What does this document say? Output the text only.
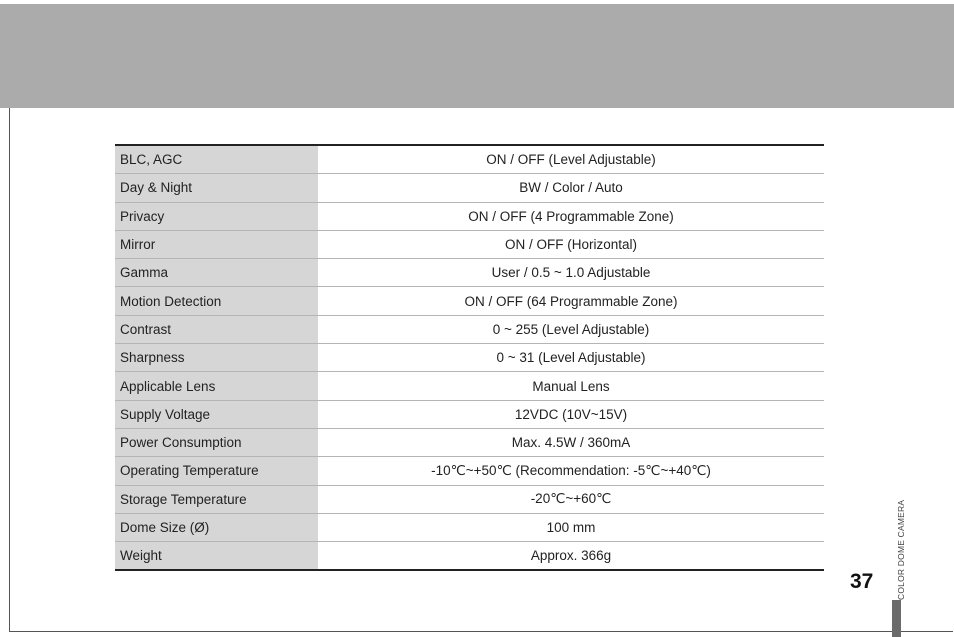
BLC, AGC	ON / OFF (Level Adjustable)
Day & Night	BW / Color / Auto
Privacy	ON / OFF (4 Programmable Zone)
Mirror	ON / OFF (Horizontal)
Gamma	User / 0.5 ~ 1.0 Adjustable
Motion Detection	ON / OFF (64 Programmable Zone)
Contrast	0 ~ 255 (Level Adjustable)
Sharpness	0 ~ 31 (Level Adjustable)
Applicable Lens	Manual Lens
Supply Voltage	12VDC (10V~15V)
Power Consumption	Max. 4.5W / 360mA
Operating Temperature	-10℃~+50℃ (Recommendation: -5℃~+40℃)
Storage Temperature	-20℃~+60℃
Dome Size (Ø)	100 mm
Weight	Approx. 366g
37	COLOR DOME CAMERA
